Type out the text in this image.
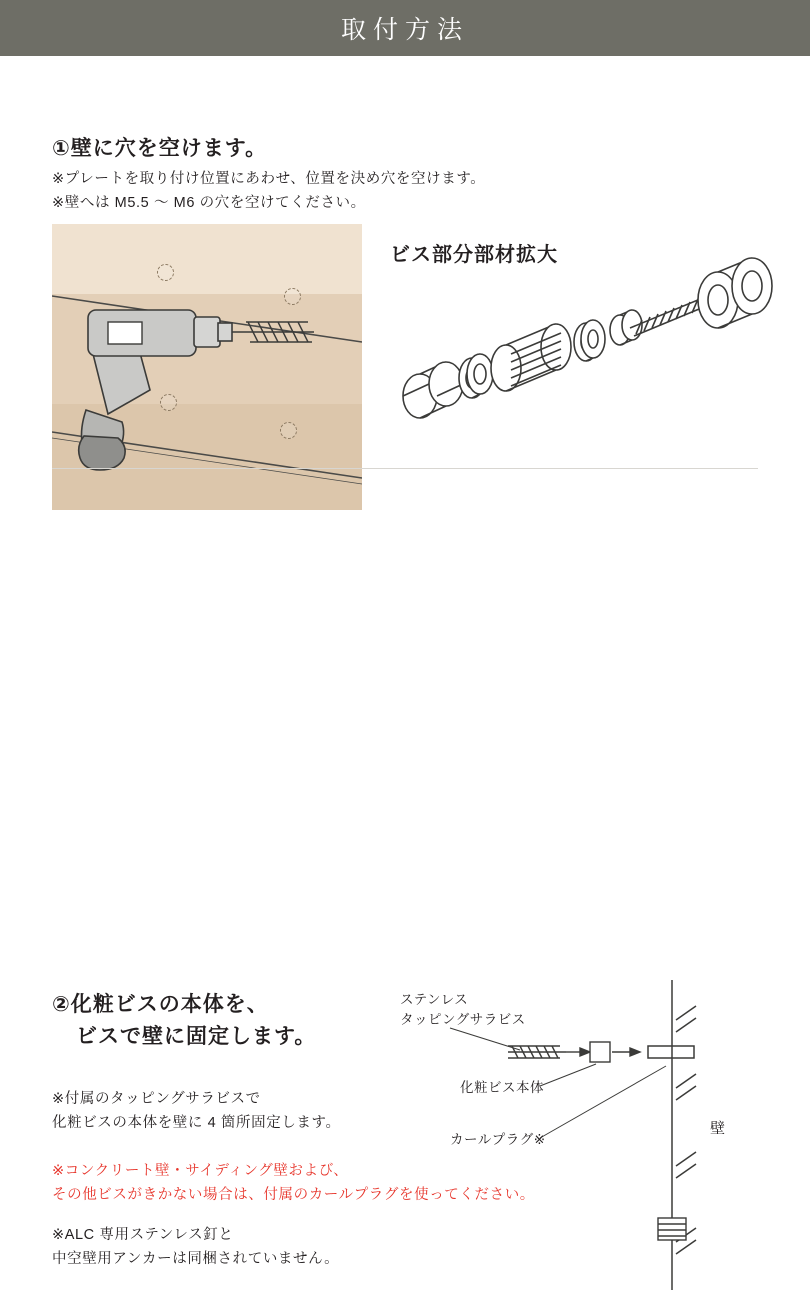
取付方法
①壁に穴を空けます。
※プレートを取り付け位置にあわせ、位置を決め穴を空けます。
※壁へは M5.5 〜 M6 の穴を空けてください。
ビス部分部材拡大
②化粧ビスの本体を、
ビスで壁に固定します。
※付属のタッピングサラビスで
化粧ビスの本体を壁に 4 箇所固定します。
※コンクリート壁・サイディング壁および、
その他ビスがきかない場合は、付属のカールプラグを使ってください。
※ALC 専用ステンレス釘と
中空壁用アンカーは同梱されていません。
ステンレス
タッピングサラビス
化粧ビス本体
カールプラグ※
壁
